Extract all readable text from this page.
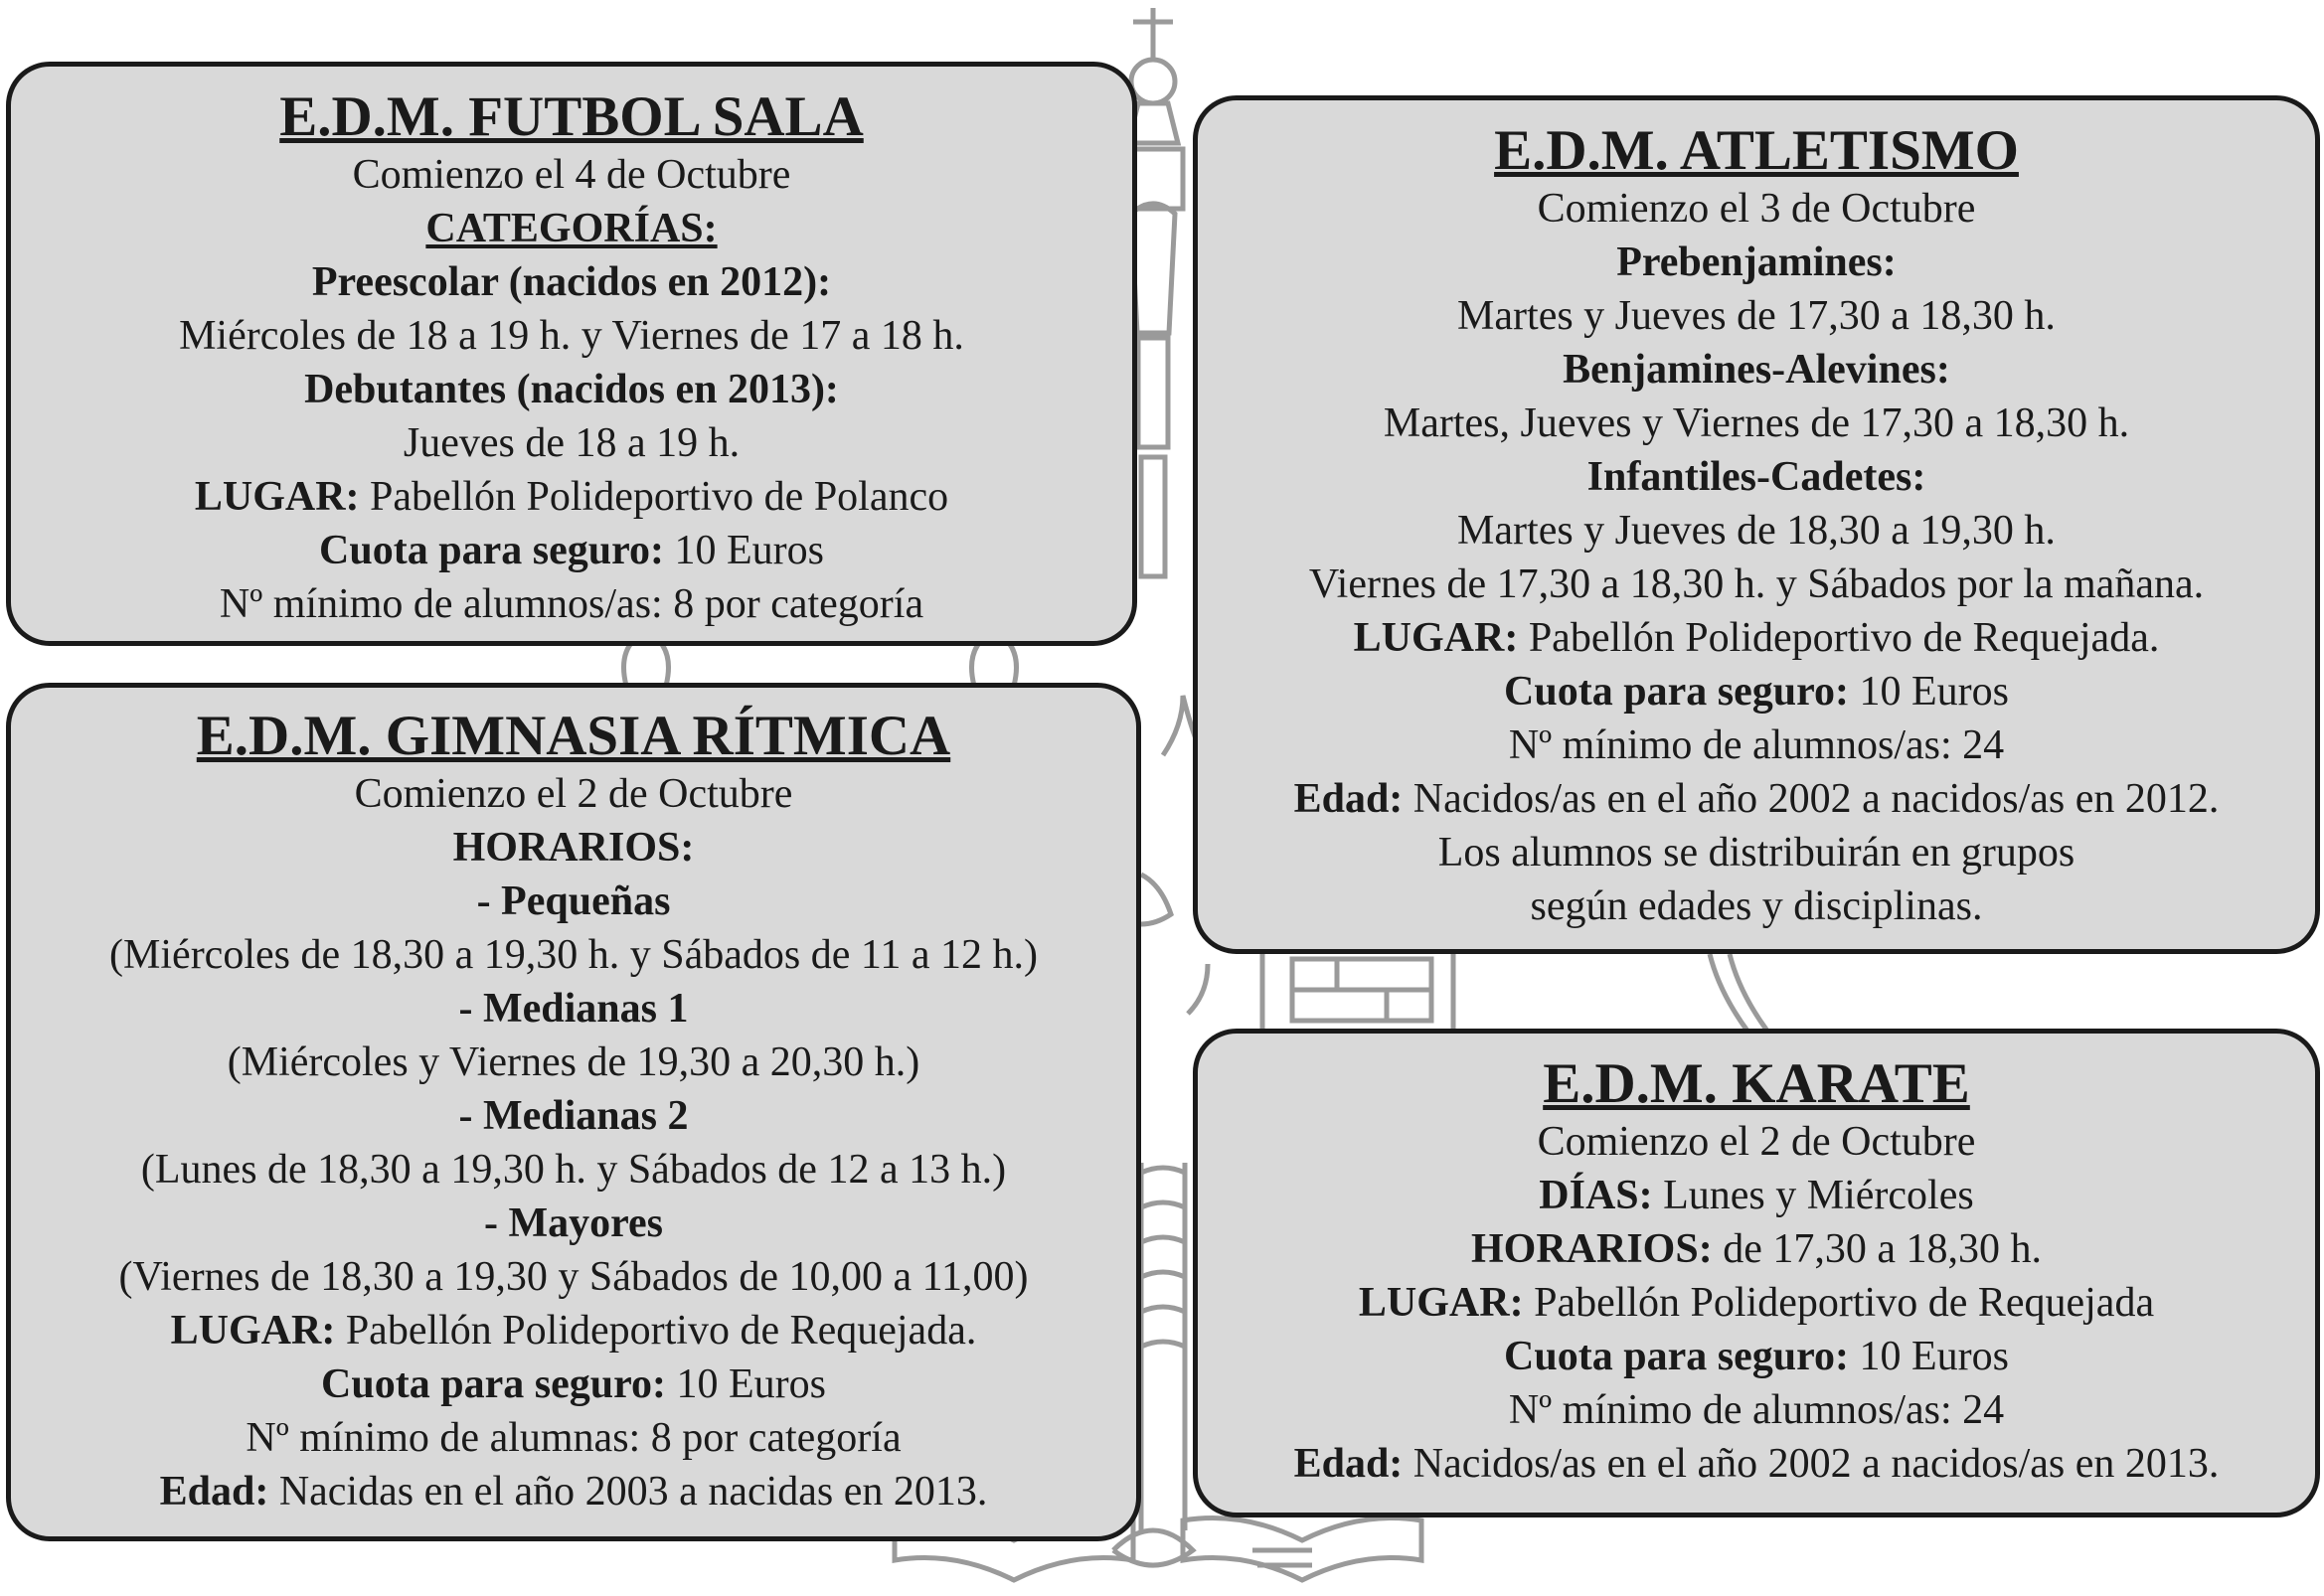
E.D.M. FUTBOL SALA

Comienzo el 4 de Octubre

CATEGORÍAS:

Preescolar (nacidos en 2012):

Miércoles de 18 a 19 h. y Viernes de 17 a 18 h.

Debutantes (nacidos en 2013):

Jueves de 18 a 19 h.

LUGAR: Pabellón Polideportivo de Polanco

Cuota para seguro: 10 Euros

Nº mínimo de alumnos/as: 8 por categoría

E.D.M. ATLETISMO

Comienzo el 3 de Octubre

Prebenjamines:

Martes y Jueves de 17,30 a 18,30 h.

Benjamines-Alevines:

Martes, Jueves y Viernes de 17,30 a 18,30 h.

Infantiles-Cadetes:

Martes y Jueves de 18,30 a 19,30 h.

Viernes de 17,30 a 18,30 h. y Sábados por la mañana.

LUGAR: Pabellón Polideportivo de Requejada.

Cuota para seguro: 10 Euros

Nº mínimo de alumnos/as: 24

Edad: Nacidos/as en el año 2002 a nacidos/as en 2012.

Los alumnos se distribuirán en grupos

según edades y disciplinas.

E.D.M. GIMNASIA RÍTMICA

Comienzo el 2 de Octubre

HORARIOS:

- Pequeñas

(Miércoles de 18,30 a 19,30 h. y Sábados de 11 a 12 h.)

- Medianas 1

(Miércoles y Viernes de 19,30 a 20,30 h.)

- Medianas 2

(Lunes de 18,30 a 19,30 h. y Sábados de 12 a 13 h.)

- Mayores

(Viernes de 18,30 a 19,30 y Sábados de 10,00 a 11,00)

LUGAR: Pabellón Polideportivo de Requejada.

Cuota para seguro: 10 Euros

Nº mínimo de alumnas: 8 por categoría

Edad: Nacidas en el año 2003 a nacidas en 2013.

E.D.M. KARATE

Comienzo el 2 de Octubre

DÍAS: Lunes y Miércoles

HORARIOS: de 17,30 a 18,30 h.

LUGAR: Pabellón Polideportivo de Requejada

Cuota para seguro: 10 Euros

Nº mínimo de alumnos/as: 24

Edad: Nacidos/as en el año 2002 a nacidos/as en 2013.
